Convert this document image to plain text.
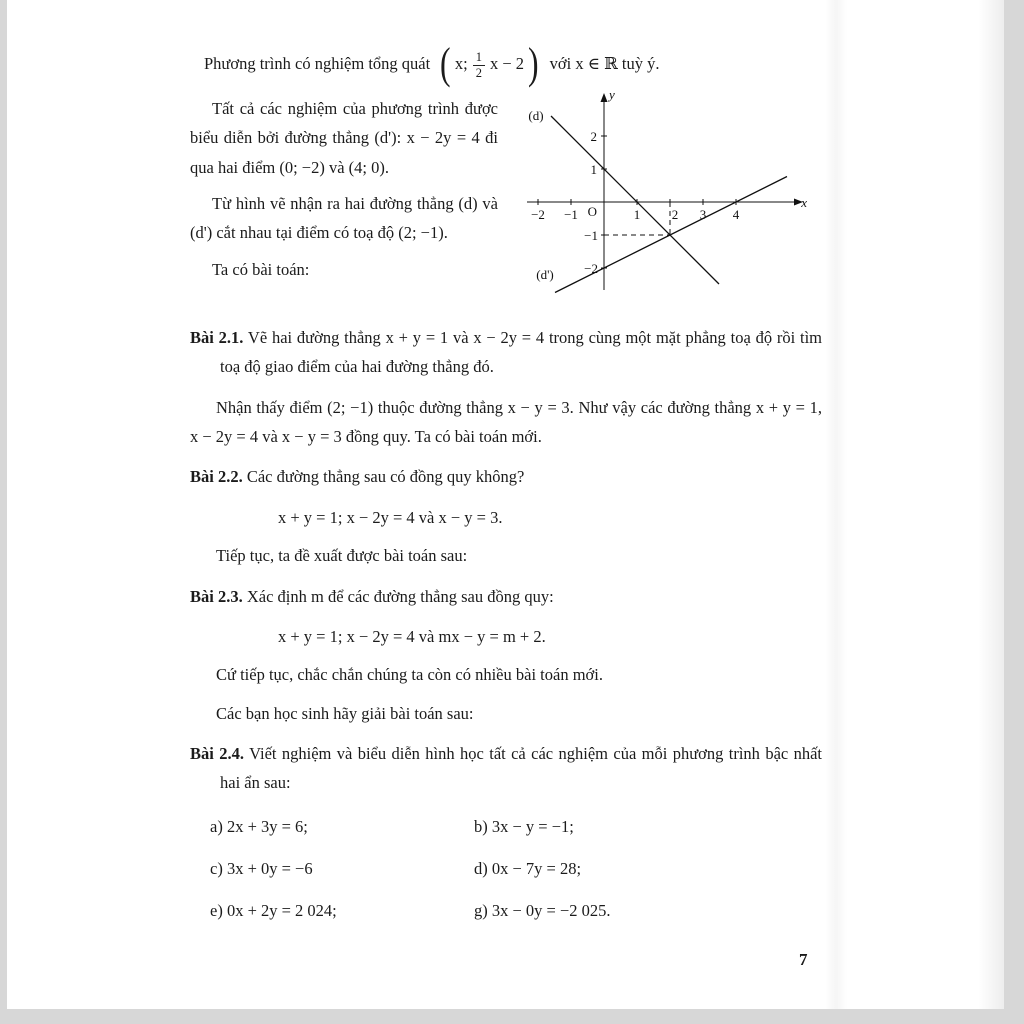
Phương trình có nghiệm tổng quát ( x; $\frac{1}{2}$ x − 2 ) với x ∈ ℝ tuỳ ý.

Tất cả các nghiệm của phương trình được biểu diễn bởi đường thẳng (d'): x − 2y = 4 đi qua hai điểm (0; −2) và (4; 0).

Từ hình vẽ nhận ra hai đường thẳng (d) và (d') cắt nhau tại điểm có toạ độ (2; −1).

Ta có bài toán:

y
x
O
−2 −1	1 2 3 4
2
1
−1
−2
(d)
(d')

Bài 2.1. Vẽ hai đường thẳng x + y = 1 và x − 2y = 4 trong cùng một mặt phẳng toạ độ rồi tìm toạ độ giao điểm của hai đường thẳng đó.

Nhận thấy điểm (2; −1) thuộc đường thẳng x − y = 3. Như vậy các đường thẳng x + y = 1, x − 2y = 4 và x − y = 3 đồng quy. Ta có bài toán mới.

Bài 2.2. Các đường thẳng sau có đồng quy không?

x + y = 1; x − 2y = 4 và x − y = 3.

Tiếp tục, ta đề xuất được bài toán sau:

Bài 2.3. Xác định m để các đường thẳng sau đồng quy:

x + y = 1; x − 2y = 4 và mx − y = m + 2.

Cứ tiếp tục, chắc chắn chúng ta còn có nhiều bài toán mới.

Các bạn học sinh hãy giải bài toán sau:

Bài 2.4. Viết nghiệm và biểu diễn hình học tất cả các nghiệm của mỗi phương trình bậc nhất hai ẩn sau:

a) 2x + 3y = 6;	b) 3x − y = −1;
c) 3x + 0y = −6	d) 0x − 7y = 28;
e) 0x + 2y = 2 024;	g) 3x − 0y = −2 025.
7
